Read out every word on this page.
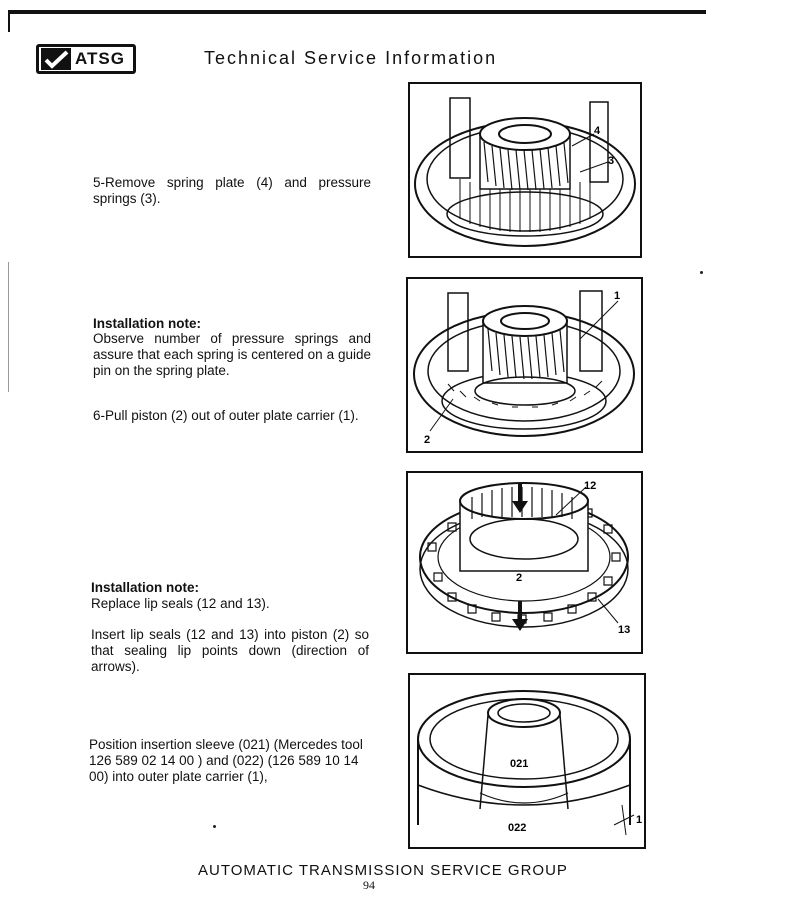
ATSG	Technical Service Information
5-Remove spring plate (4) and pressure springs (3).
Installation note:
Observe number of pressure springs and assure that each spring is centered on a guide pin on the spring plate.
6-Pull piston (2) out of outer plate carrier (1).
Installation note:
Replace lip seals (12 and 13).
Insert lip seals (12 and 13) into piston (2) so that sealing lip points down (direction of arrows).
Position insertion sleeve (021) (Mercedes tool 126 589 02 14 00 ) and (022) (126 589 10 14 00) into outer plate carrier (1),
4
3
1
2
12
2
13
021
022
1
AUTOMATIC TRANSMISSION SERVICE GROUP
94
